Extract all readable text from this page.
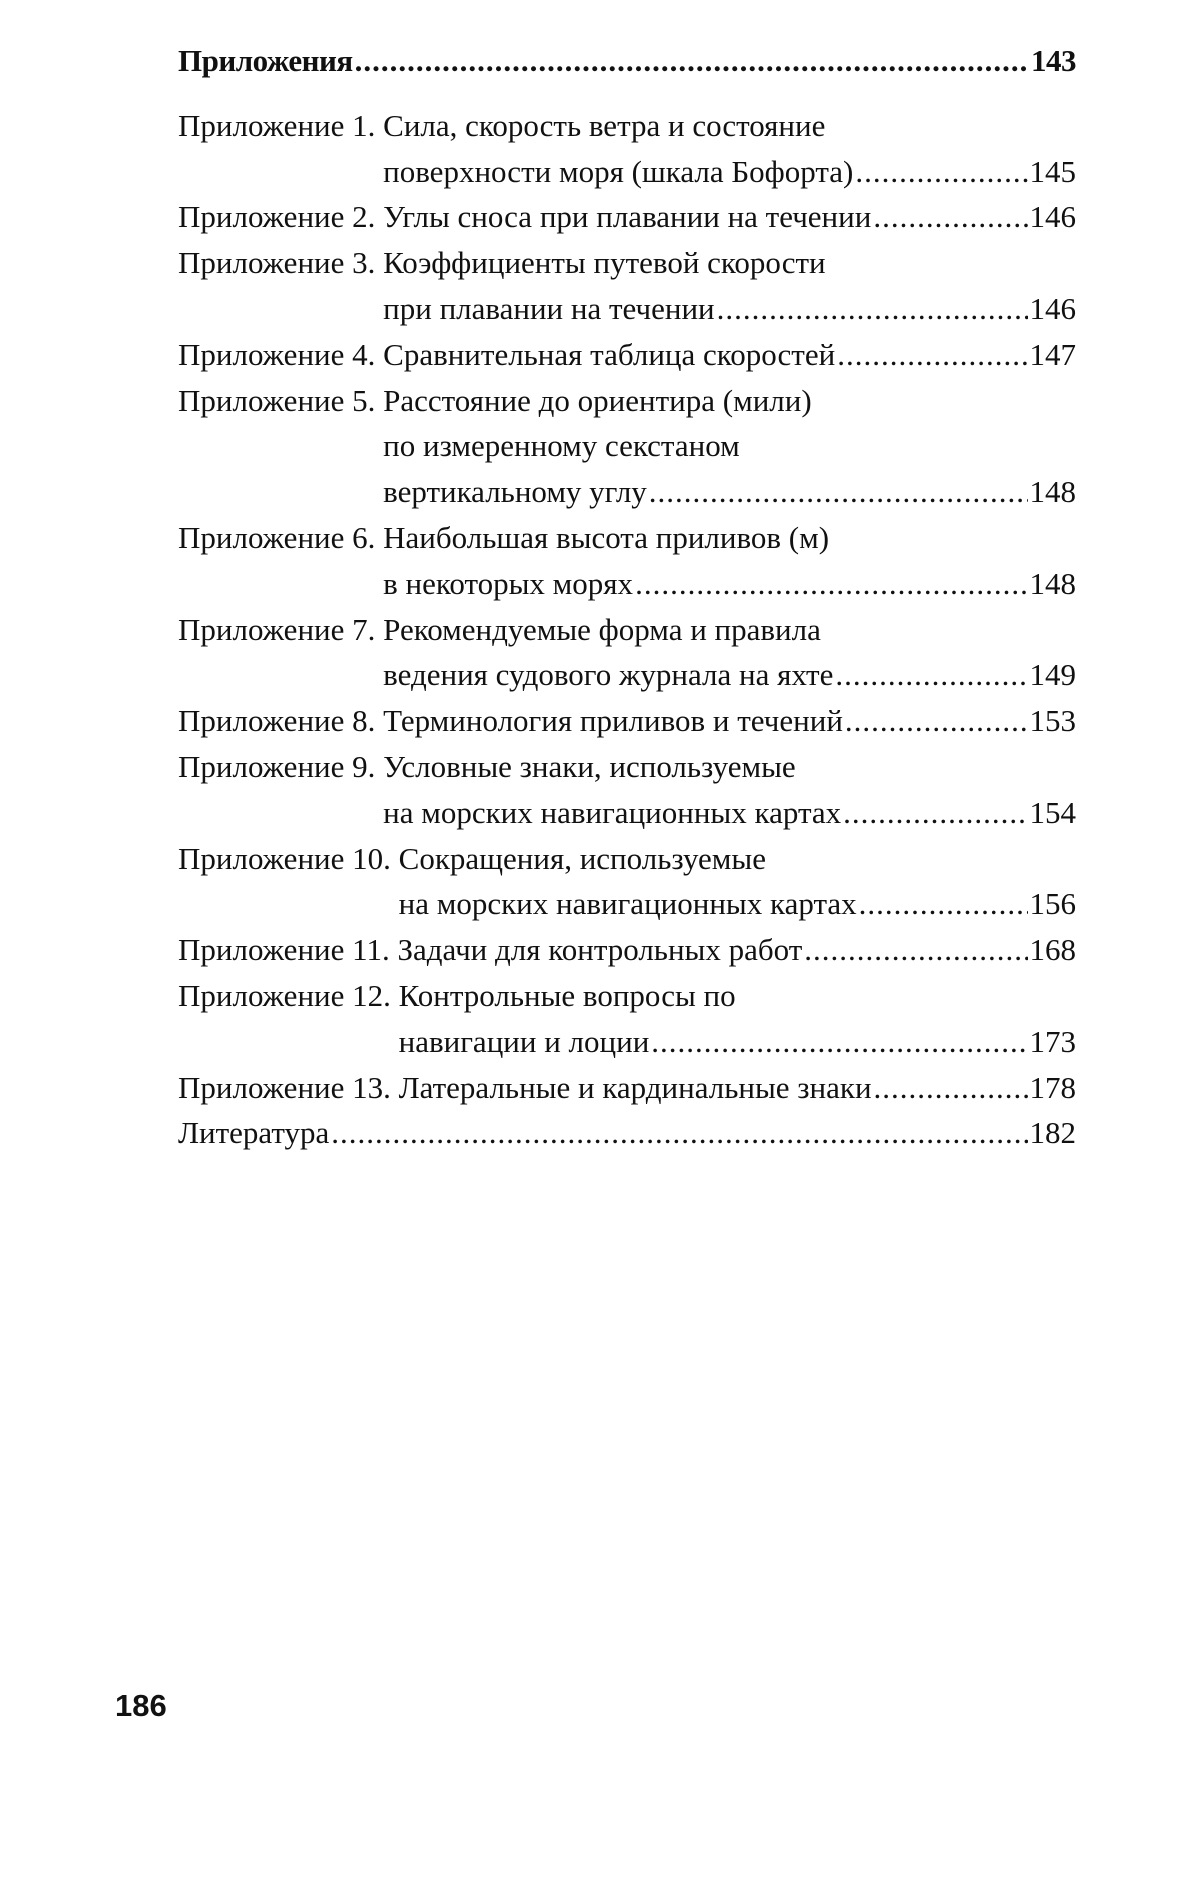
Приложения .....	143
Приложение 1. Сила, скорость ветра и состояние
поверхности моря (шкала Бофорта) .....	145
Приложение 2. Углы сноса при плавании на течении .....	146
Приложение 3. Коэффициенты путевой скорости
при плавании на течении .....	146
Приложение 4. Сравнительная таблица скоростей .....	147
Приложение 5. Расстояние до ориентира (мили)
по измеренному секстаном
вертикальному углу .....	148
Приложение 6. Наибольшая высота приливов (м)
в некоторых морях .....	148
Приложение 7. Рекомендуемые форма и правила
ведения судового журнала на яхте .....	149
Приложение 8. Терминология приливов и течений .....	153
Приложение 9. Условные знаки, используемые
на морских навигационных картах .....	154
Приложение 10. Сокращения, используемые
на морских навигационных картах .....	156
Приложение 11. Задачи для контрольных работ .....	168
Приложение 12. Контрольные вопросы по
навигации и лоции .....	173
Приложение 13. Латеральные и кардинальные знаки .....	178
Литература .....	182
186
